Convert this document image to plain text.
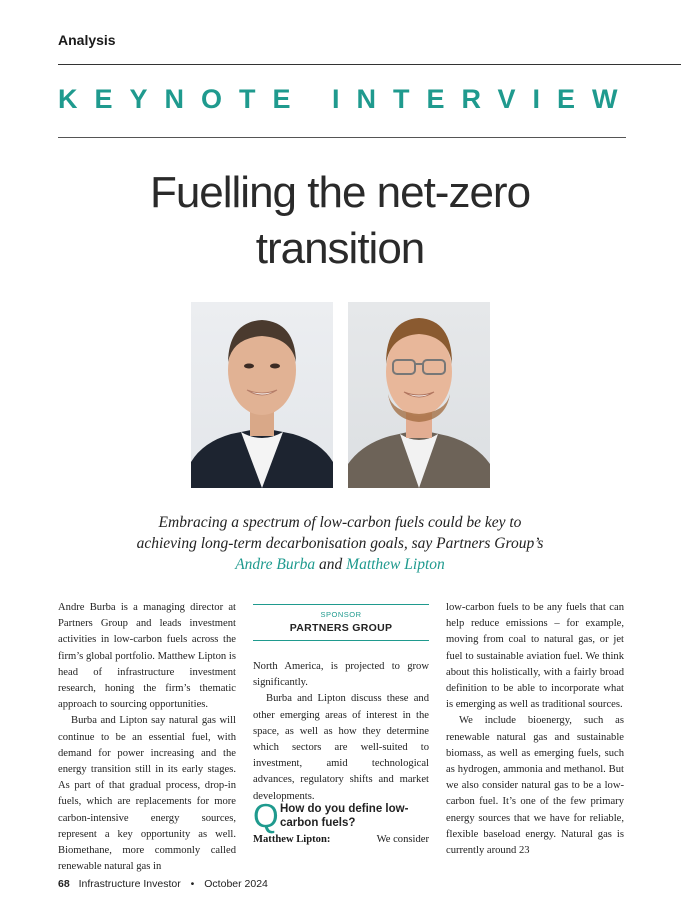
Analysis
KEYNOTE INTERVIEW
Fuelling the net-zero
transition
Embracing a spectrum of low-carbon fuels could be key to
achieving long-term decarbonisation goals, say Partners Group’s
Andre Burba and Matthew Lipton

Andre Burba is a managing director at Partners Group and leads investment activities in low-carbon fuels across the firm’s global portfolio. Matthew Lipton is head of infrastructure investment research, honing the firm’s thematic approach to sourcing opportunities.

Burba and Lipton say natural gas will continue to be an essential fuel, with demand for power increasing and the energy transition still in its early stages. As part of that gradual process, drop-in fuels, which are replacements for more carbon-intensive energy sources, represent a key opportunity as well. Biomethane, more commonly called renewable natural gas in

SPONSOR
PARTNERS GROUP

North America, is projected to grow significantly.

Burba and Lipton discuss these and other emerging areas of interest in the space, as well as how they determine which sectors are well-suited to investment, amid technological advances, regulatory shifts and market developments.

Q How do you define low-carbon fuels?
Matthew Lipton:	We consider

low-carbon fuels to be any fuels that can help reduce emissions – for example, moving from coal to natural gas, or jet fuel to sustainable aviation fuel. We think about this holistically, with a fairly broad definition to be able to incorporate what is emerging as well as traditional sources.

We include bioenergy, such as renewable natural gas and sustainable biomass, as well as emerging fuels, such as hydrogen, ammonia and methanol. But we also consider natural gas to be a low-carbon fuel. It’s one of the few primary energy sources that we have for reliable, flexible baseload energy. Natural gas is currently around 23

68 Infrastructure Investor • October 2024
